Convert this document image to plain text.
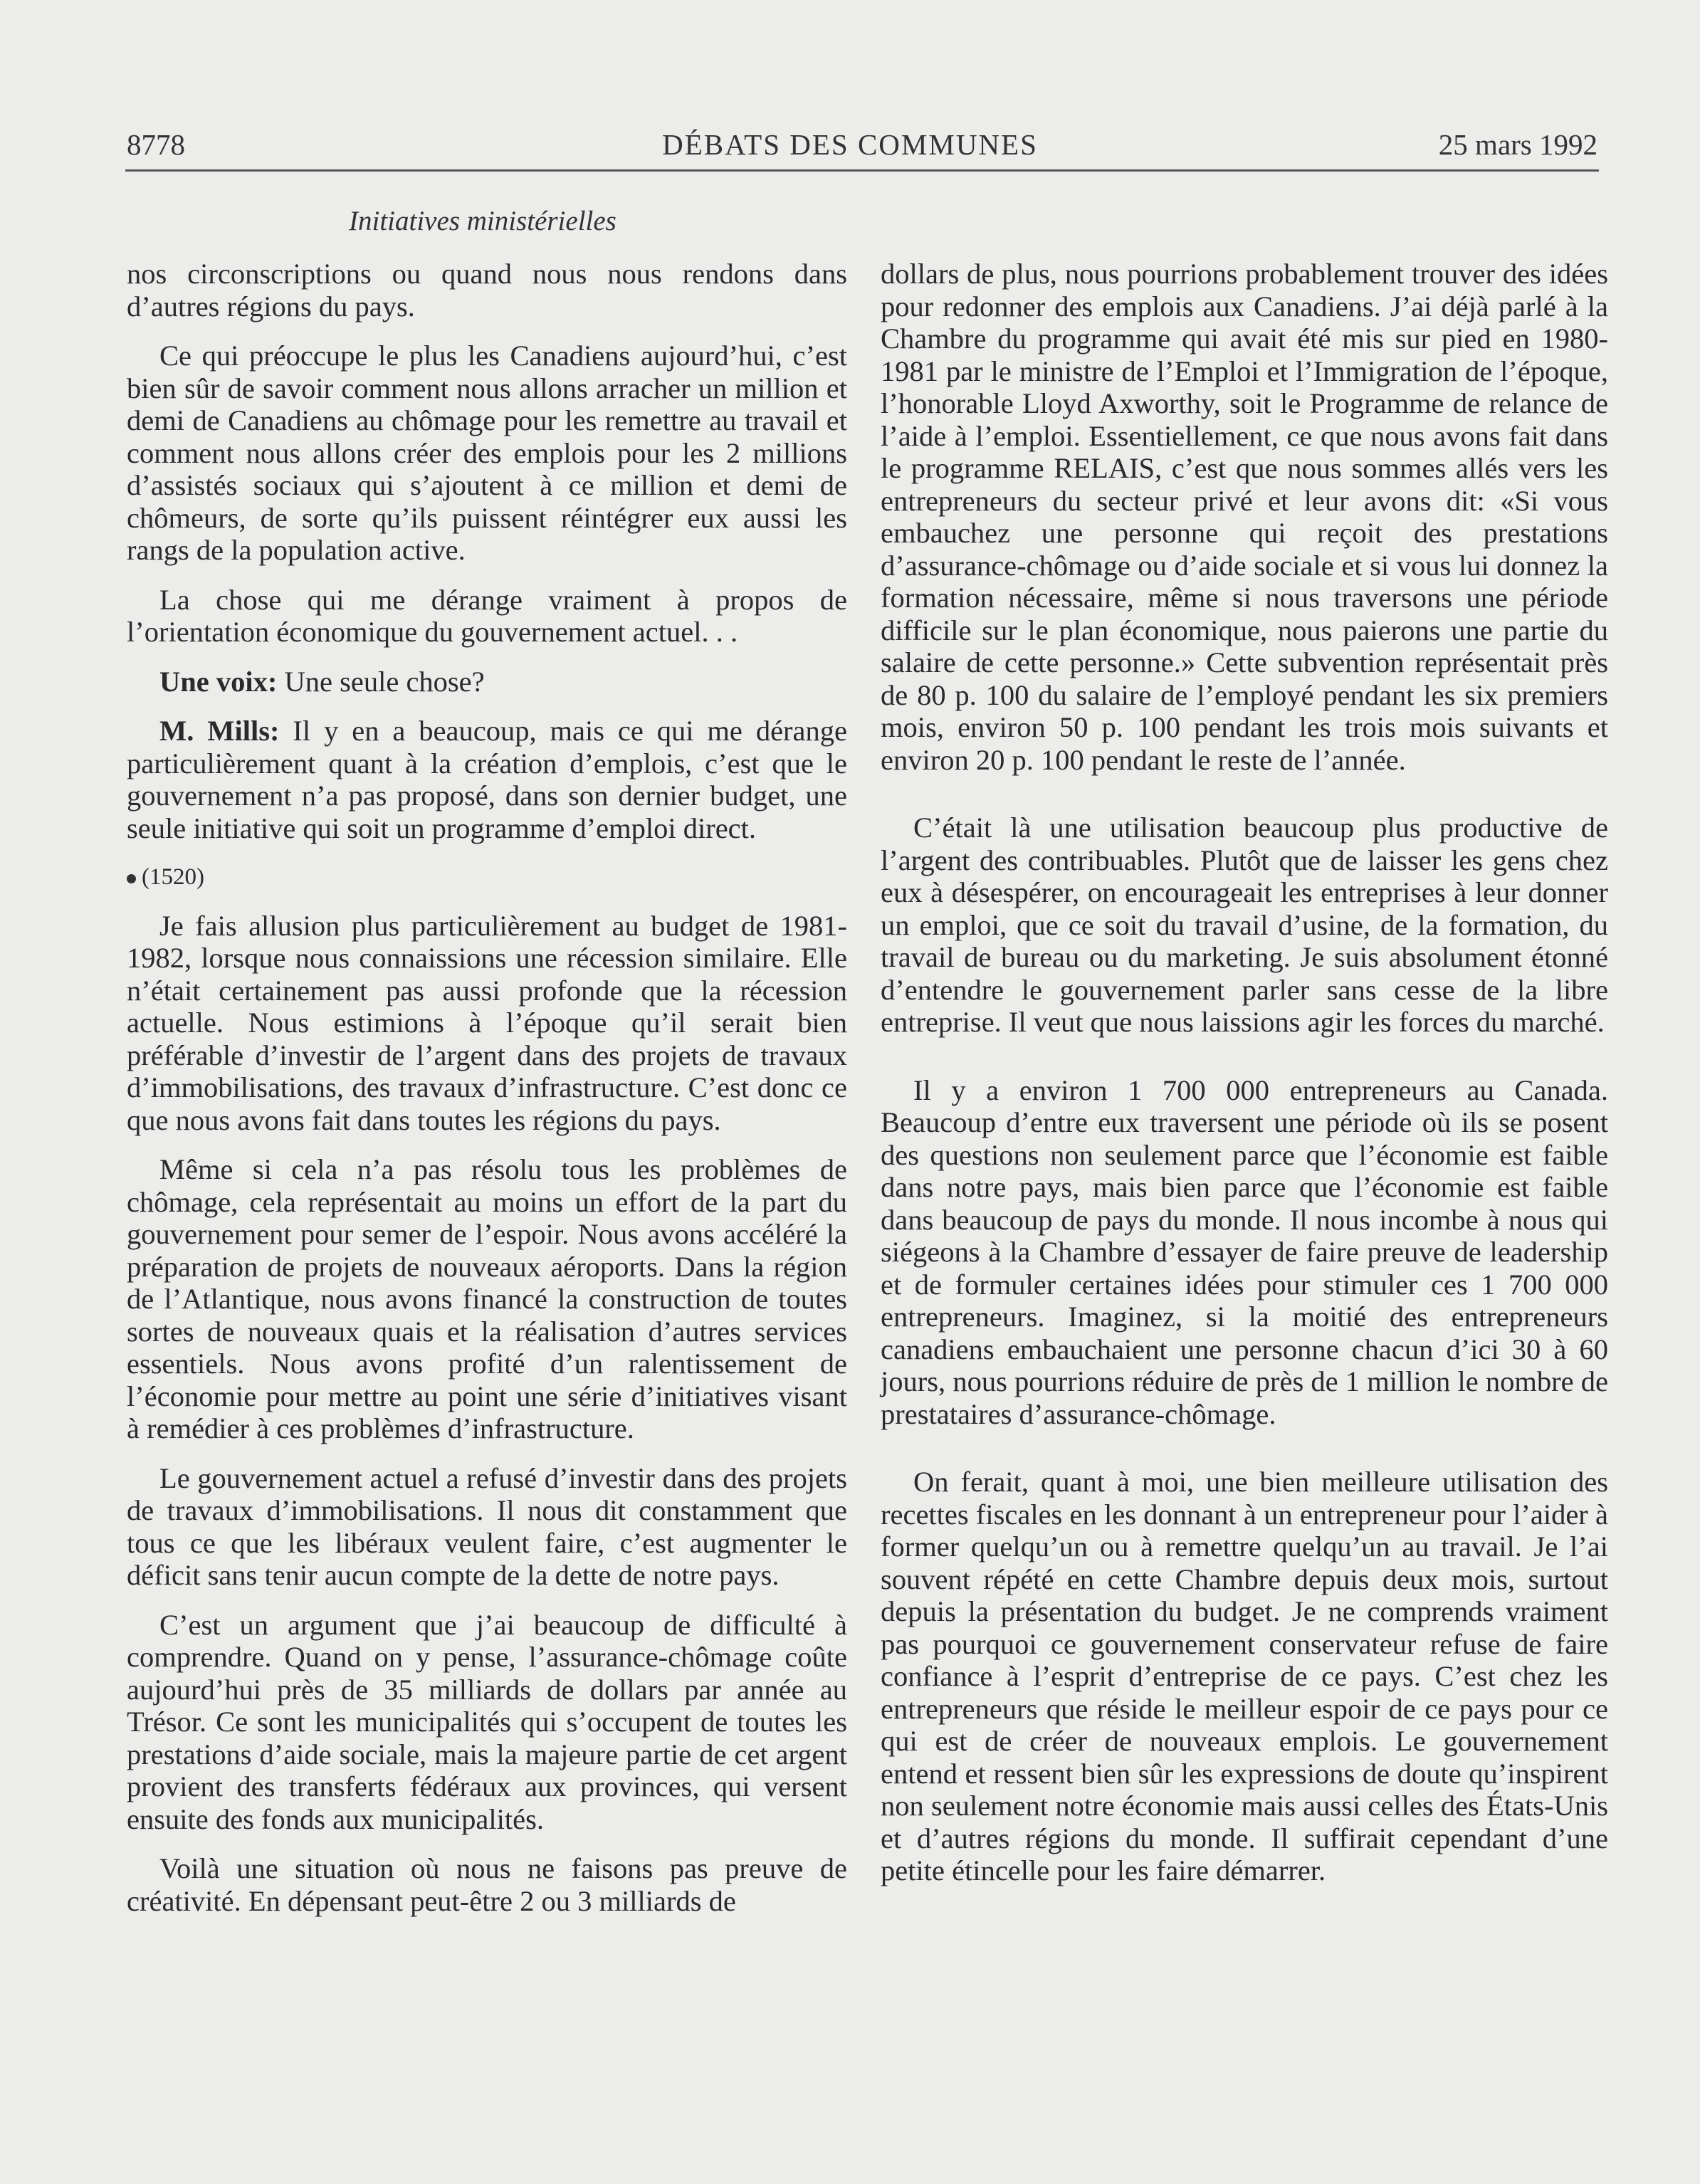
8778	DÉBATS DES COMMUNES	25 mars 1992
Initiatives ministérielles

nos circonscriptions ou quand nous nous rendons dans d’autres régions du pays.

Ce qui préoccupe le plus les Canadiens aujourd’hui, c’est bien sûr de savoir comment nous allons arracher un million et demi de Canadiens au chômage pour les remettre au travail et comment nous allons créer des emplois pour les 2 millions d’assistés sociaux qui s’ajoutent à ce million et demi de chômeurs, de sorte qu’ils puissent réintégrer eux aussi les rangs de la population active.

La chose qui me dérange vraiment à propos de l’orientation économique du gouvernement actuel. . .

Une voix: Une seule chose?

M. Mills: Il y en a beaucoup, mais ce qui me dérange particulièrement quant à la création d’emplois, c’est que le gouvernement n’a pas proposé, dans son dernier budget, une seule initiative qui soit un programme d’emploi direct.

(1520)

Je fais allusion plus particulièrement au budget de 1981-1982, lorsque nous connaissions une récession similaire. Elle n’était certainement pas aussi profonde que la récession actuelle. Nous estimions à l’époque qu’il serait bien préférable d’investir de l’argent dans des projets de travaux d’immobilisations, des travaux d’infrastructure. C’est donc ce que nous avons fait dans toutes les régions du pays.

Même si cela n’a pas résolu tous les problèmes de chômage, cela représentait au moins un effort de la part du gouvernement pour semer de l’espoir. Nous avons accéléré la préparation de projets de nouveaux aéroports. Dans la région de l’Atlantique, nous avons financé la construction de toutes sortes de nouveaux quais et la réalisation d’autres services essentiels. Nous avons profité d’un ralentissement de l’économie pour mettre au point une série d’initiatives visant à remédier à ces problèmes d’infrastructure.

Le gouvernement actuel a refusé d’investir dans des projets de travaux d’immobilisations. Il nous dit constamment que tous ce que les libéraux veulent faire, c’est augmenter le déficit sans tenir aucun compte de la dette de notre pays.

C’est un argument que j’ai beaucoup de difficulté à comprendre. Quand on y pense, l’assurance-chômage coûte aujourd’hui près de 35 milliards de dollars par année au Trésor. Ce sont les municipalités qui s’occupent de toutes les prestations d’aide sociale, mais la majeure partie de cet argent provient des transferts fédéraux aux provinces, qui versent ensuite des fonds aux municipalités.

Voilà une situation où nous ne faisons pas preuve de créativité. En dépensant peut-être 2 ou 3 milliards de

dollars de plus, nous pourrions probablement trouver des idées pour redonner des emplois aux Canadiens. J’ai déjà parlé à la Chambre du programme qui avait été mis sur pied en 1980-1981 par le ministre de l’Emploi et l’Immigration de l’époque, l’honorable Lloyd Axworthy, soit le Programme de relance de l’aide à l’emploi. Essentiellement, ce que nous avons fait dans le programme RELAIS, c’est que nous sommes allés vers les entrepreneurs du secteur privé et leur avons dit: «Si vous embauchez une personne qui reçoit des prestations d’assurance-chômage ou d’aide sociale et si vous lui donnez la formation nécessaire, même si nous traversons une période difficile sur le plan économique, nous paierons une partie du salaire de cette personne.» Cette subvention représentait près de 80 p. 100 du salaire de l’employé pendant les six premiers mois, environ 50 p. 100 pendant les trois mois suivants et environ 20 p. 100 pendant le reste de l’année.

C’était là une utilisation beaucoup plus productive de l’argent des contribuables. Plutôt que de laisser les gens chez eux à désespérer, on encourageait les entreprises à leur donner un emploi, que ce soit du travail d’usine, de la formation, du travail de bureau ou du marketing. Je suis absolument étonné d’entendre le gouvernement parler sans cesse de la libre entreprise. Il veut que nous laissions agir les forces du marché.

Il y a environ 1 700 000 entrepreneurs au Canada. Beaucoup d’entre eux traversent une période où ils se posent des questions non seulement parce que l’économie est faible dans notre pays, mais bien parce que l’économie est faible dans beaucoup de pays du monde. Il nous incombe à nous qui siégeons à la Chambre d’essayer de faire preuve de leadership et de formuler certaines idées pour stimuler ces 1 700 000 entrepreneurs. Imaginez, si la moitié des entrepreneurs canadiens embauchaient une personne chacun d’ici 30 à 60 jours, nous pourrions réduire de près de 1 million le nombre de prestataires d’assurance-chômage.

On ferait, quant à moi, une bien meilleure utilisation des recettes fiscales en les donnant à un entrepreneur pour l’aider à former quelqu’un ou à remettre quelqu’un au travail. Je l’ai souvent répété en cette Chambre depuis deux mois, surtout depuis la présentation du budget. Je ne comprends vraiment pas pourquoi ce gouvernement conservateur refuse de faire confiance à l’esprit d’entreprise de ce pays. C’est chez les entrepreneurs que réside le meilleur espoir de ce pays pour ce qui est de créer de nouveaux emplois. Le gouvernement entend et ressent bien sûr les expressions de doute qu’inspirent non seulement notre économie mais aussi celles des États-Unis et d’autres régions du monde. Il suffirait cependant d’une petite étincelle pour les faire démarrer.
